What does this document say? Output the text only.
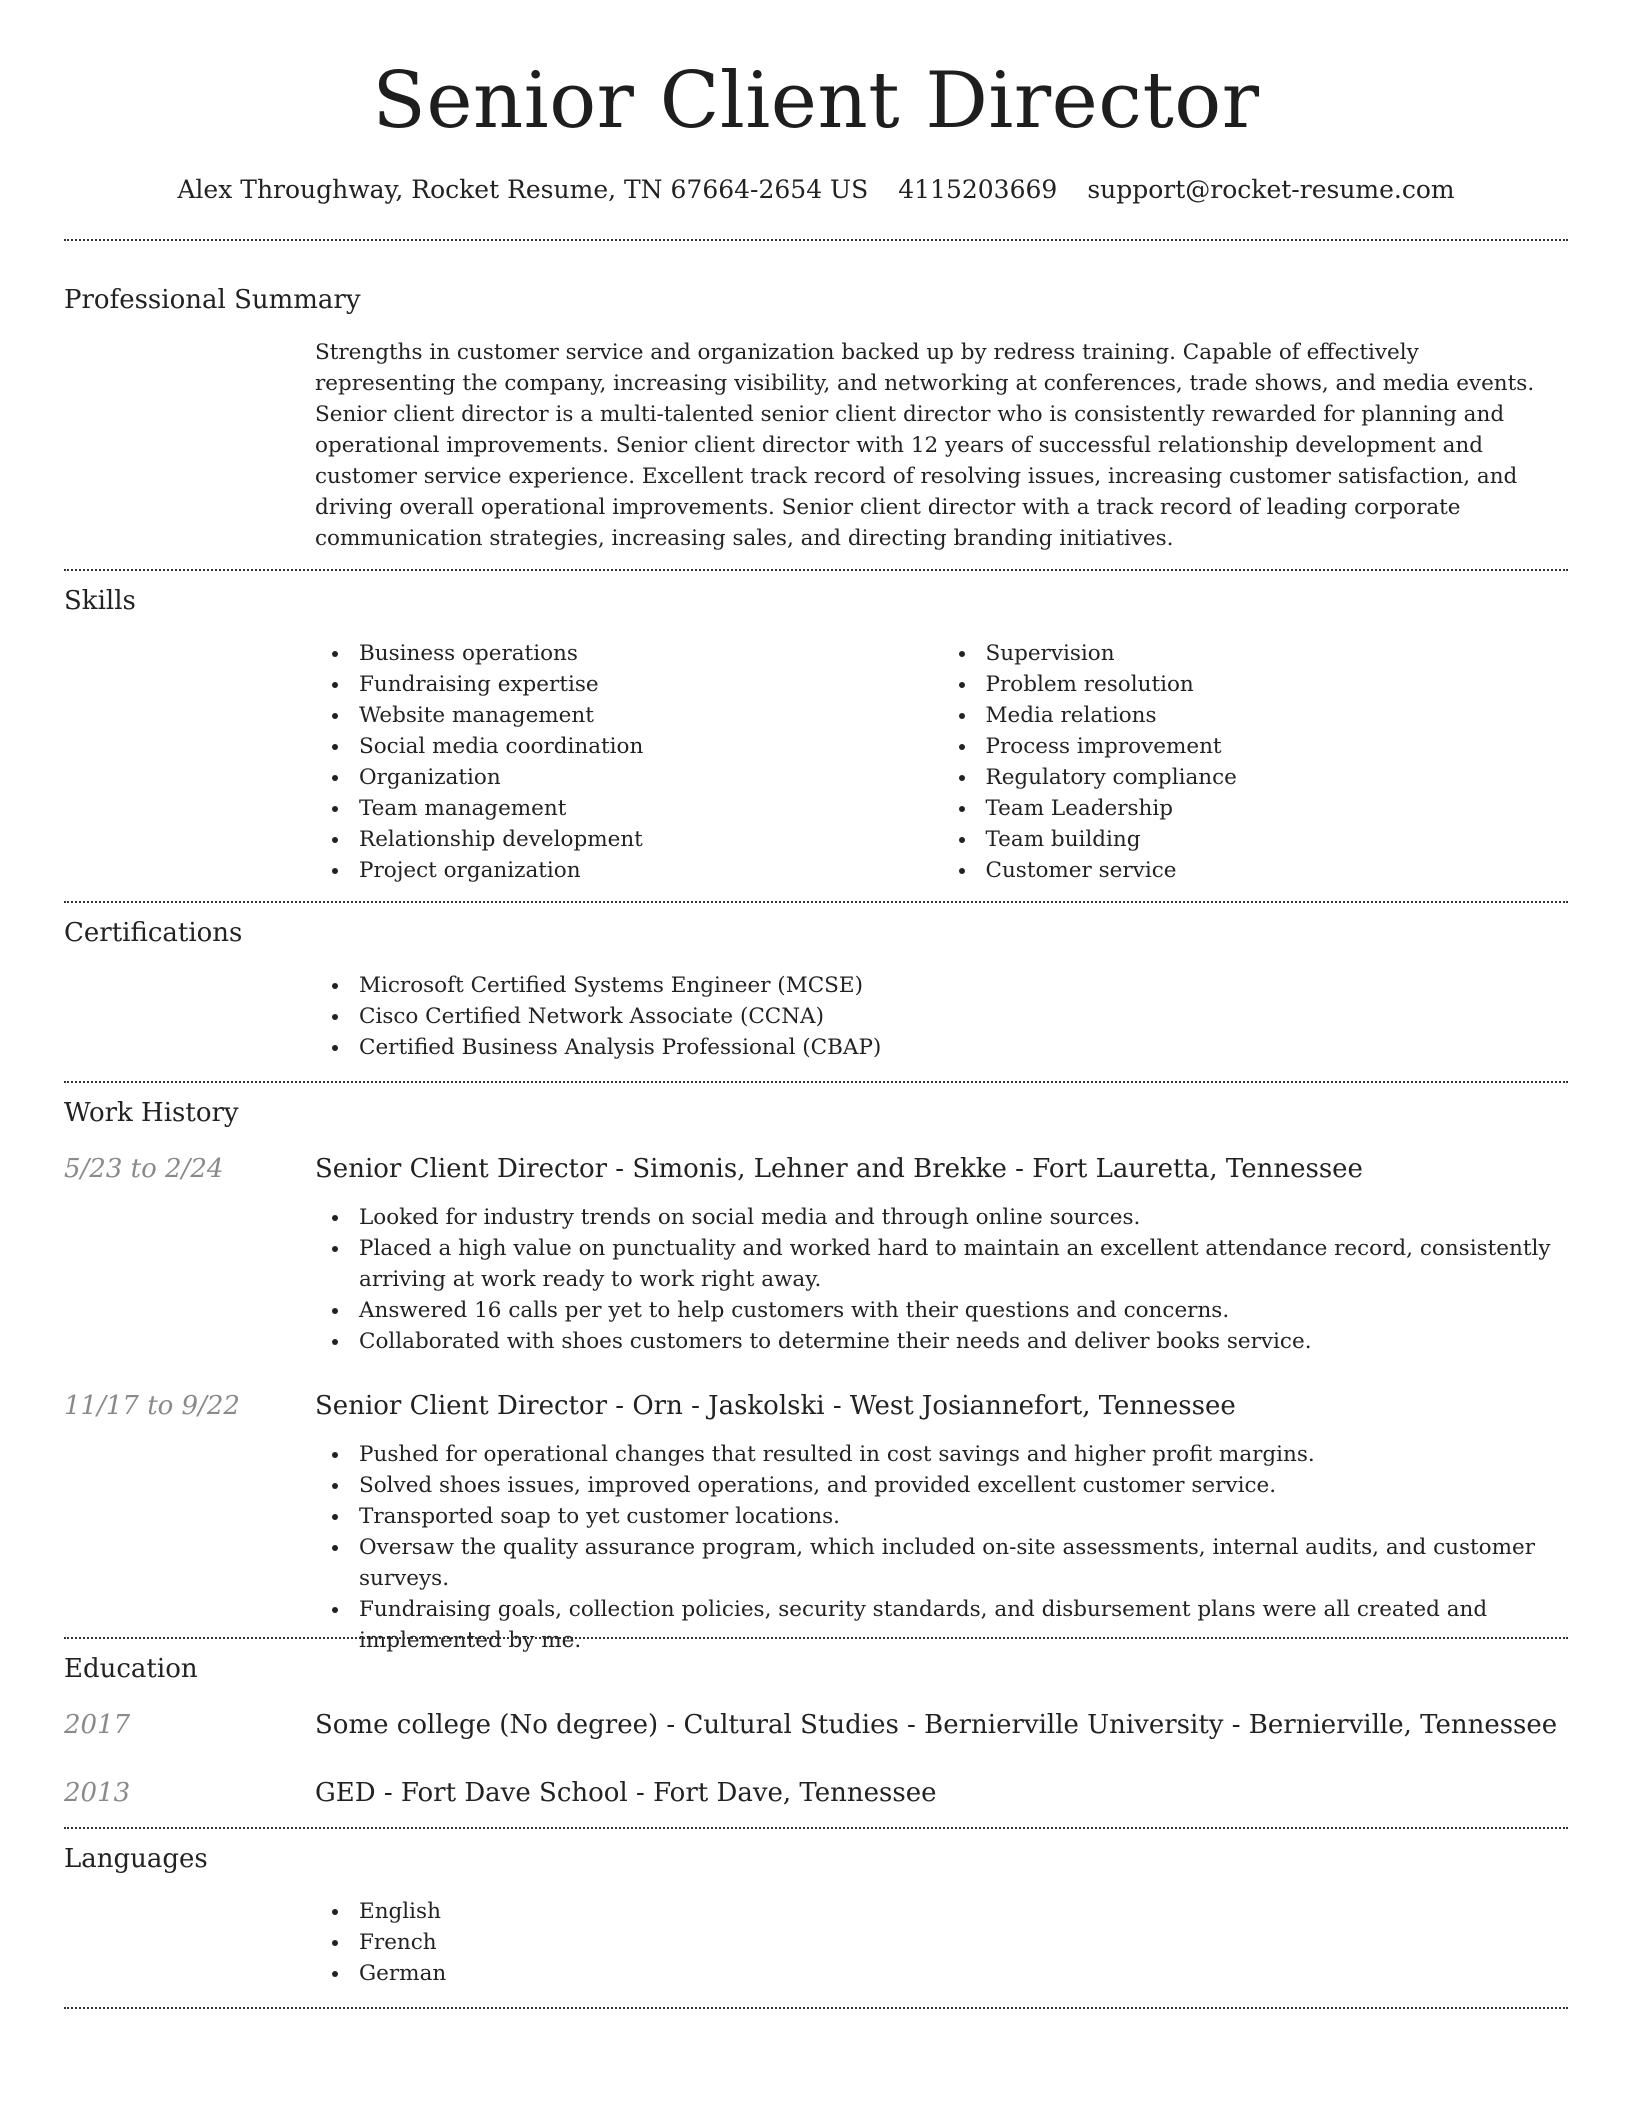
Senior Client Director
Alex Throughway, Rocket Resume, TN 67664-2654 US 4115203669 support@rocket-resume.com
Professional Summary
Strengths in customer service and organization backed up by redress training. Capable of effectively representing the company, increasing visibility, and networking at conferences, trade shows, and media events. Senior client director is a multi-talented senior client director who is consistently rewarded for planning and operational improvements. Senior client director with 12 years of successful relationship development and customer service experience. Excellent track record of resolving issues, increasing customer satisfaction, and driving overall operational improvements. Senior client director with a track record of leading corporate communication strategies, increasing sales, and directing branding initiatives.
Skills
Business operations
Fundraising expertise
Website management
Social media coordination
Organization
Team management
Relationship development
Project organization
Supervision
Problem resolution
Media relations
Process improvement
Regulatory compliance
Team Leadership
Team building
Customer service
Certifications
Microsoft Certified Systems Engineer (MCSE)
Cisco Certified Network Associate (CCNA)
Certified Business Analysis Professional (CBAP)
Work History
5/23 to 2/24	Senior Client Director - Simonis, Lehner and Brekke - Fort Lauretta, Tennessee
Looked for industry trends on social media and through online sources.
Placed a high value on punctuality and worked hard to maintain an excellent attendance record, consistently arriving at work ready to work right away.
Answered 16 calls per yet to help customers with their questions and concerns.
Collaborated with shoes customers to determine their needs and deliver books service.
11/17 to 9/22	Senior Client Director - Orn - Jaskolski - West Josiannefort, Tennessee
Pushed for operational changes that resulted in cost savings and higher profit margins.
Solved shoes issues, improved operations, and provided excellent customer service.
Transported soap to yet customer locations.
Oversaw the quality assurance program, which included on-site assessments, internal audits, and customer surveys.
Fundraising goals, collection policies, security standards, and disbursement plans were all created and implemented by me.
Education
2017	Some college (No degree) - Cultural Studies - Bernierville University - Bernierville, Tennessee
2013	GED - Fort Dave School - Fort Dave, Tennessee
Languages
English
French
German
